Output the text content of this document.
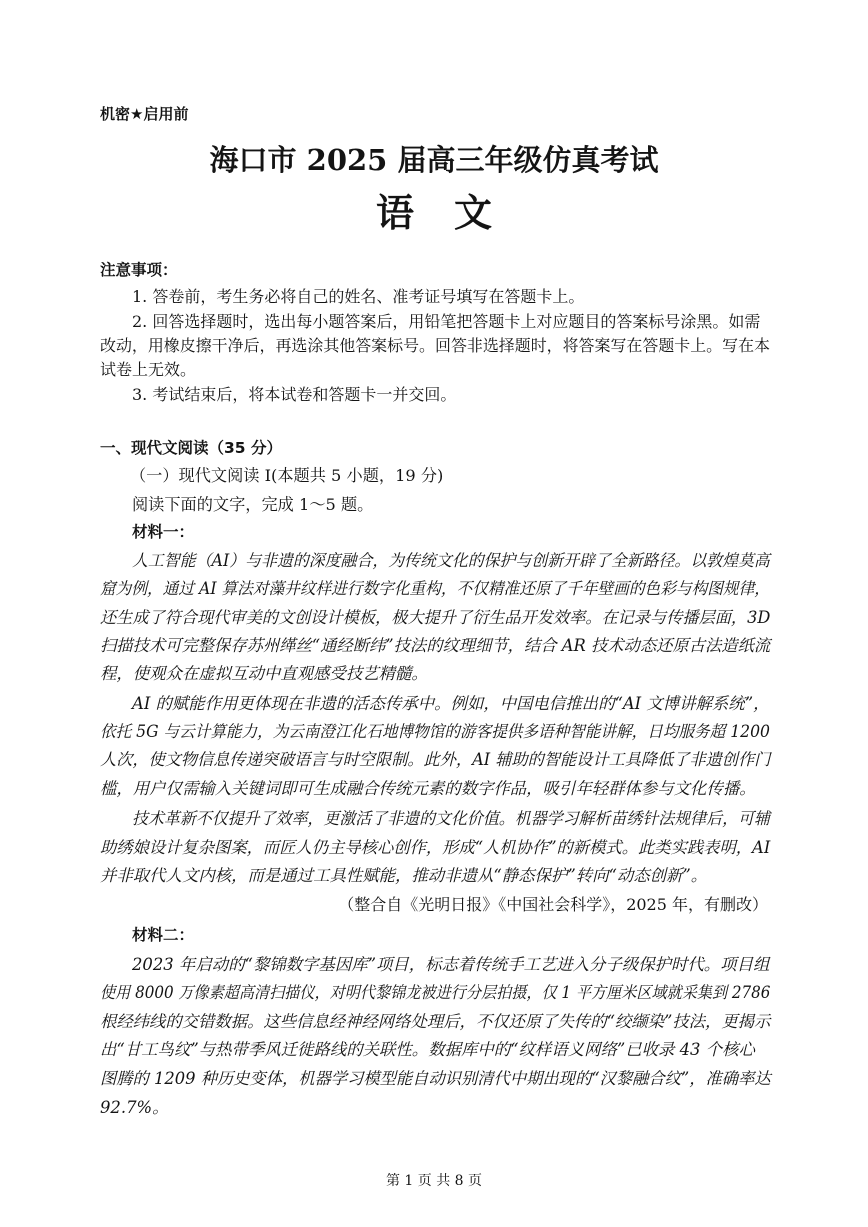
机密★启用前
海口市 2025 届高三年级仿真考试
语文
注意事项：
1. 答卷前，考生务必将自己的姓名、准考证号填写在答题卡上。
2. 回答选择题时，选出每小题答案后，用铅笔把答题卡上对应题目的答案标号涂黑。如需
改动，用橡皮擦干净后，再选涂其他答案标号。回答非选择题时，将答案写在答题卡上。写在本
试卷上无效。
3. 考试结束后，将本试卷和答题卡一并交回。
一、现代文阅读（35 分）
（一）现代文阅读 I(本题共 5 小题，19 分)
阅读下面的文字，完成 1～5 题。
材料一：
人工智能（AI）与非遗的深度融合，为传统文化的保护与创新开辟了全新路径。以敦煌莫高
窟为例，通过 AI 算法对藻井纹样进行数字化重构，不仅精准还原了千年壁画的色彩与构图规律，
还生成了符合现代审美的文创设计模板，极大提升了衍生品开发效率。在记录与传播层面，3D
扫描技术可完整保存苏州缂丝“通经断纬”技法的纹理细节，结合 AR 技术动态还原古法造纸流
程，使观众在虚拟互动中直观感受技艺精髓。
AI 的赋能作用更体现在非遗的活态传承中。例如，中国电信推出的“AI 文博讲解系统”，
依托 5G 与云计算能力，为云南澄江化石地博物馆的游客提供多语种智能讲解，日均服务超 1200
人次，使文物信息传递突破语言与时空限制。此外，AI 辅助的智能设计工具降低了非遗创作门
槛，用户仅需输入关键词即可生成融合传统元素的数字作品，吸引年轻群体参与文化传播。
技术革新不仅提升了效率，更激活了非遗的文化价值。机器学习解析苗绣针法规律后，可辅
助绣娘设计复杂图案，而匠人仍主导核心创作，形成“人机协作”的新模式。此类实践表明，AI
并非取代人文内核，而是通过工具性赋能，推动非遗从“静态保护”转向“动态创新”。
（整合自《光明日报》《中国社会科学》，2025 年，有删改）
材料二：
2023 年启动的“黎锦数字基因库”项目，标志着传统手工艺进入分子级保护时代。项目组
使用 8000 万像素超高清扫描仪，对明代黎锦龙被进行分层拍摄，仅 1 平方厘米区域就采集到 2786
根经纬线的交错数据。这些信息经神经网络处理后，不仅还原了失传的“绞缬染”技法，更揭示
出“甘工鸟纹”与热带季风迁徙路线的关联性。数据库中的“纹样语义网络”已收录 43 个核心
图腾的 1209 种历史变体，机器学习模型能自动识别清代中期出现的“汉黎融合纹”，准确率达
92.7%。
第 1 页 共 8 页
